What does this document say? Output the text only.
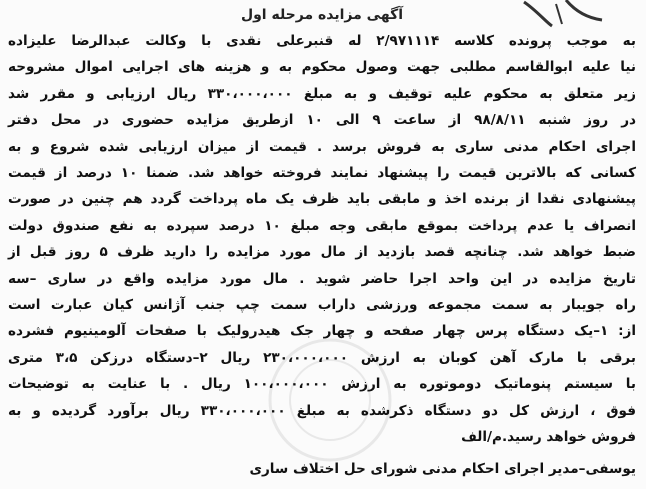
آگهی مزایده مرحله اول

به موجب پرونده کلاسه ۲/۹۷۱۱۱۴ له قنبرعلی نقدی با وکالت عبدالرضا علیزاده

نیا علیه ابوالقاسم مطلبی جهت وصول محکوم به و هزینه های اجرایی اموال مشروحه

زیر متعلق به محکوم علیه توقیف و به مبلغ ۳۳۰،۰۰۰،۰۰۰ ریال ارزیابی و مقرر شد

در روز شنبه ۹۸/۸/۱۱ از ساعت ۹ الی ۱۰ ازطریق مزایده حضوری در محل دفتر

اجرای احکام مدنی ساری به فروش برسد . قیمت از میزان ارزیابی شده شروع و به

کسانی که بالاترین قیمت را پیشنهاد نمایند فروخته خواهد شد. ضمنا ۱۰ درصد از قیمت

پیشنهادی نقدا از برنده اخذ و مابقی باید ظرف یک ماه پرداخت گردد هم چنین در صورت

انصراف یا عدم پرداخت بموقع مابقی وجه مبلغ ۱۰ درصد سپرده به نفع صندوق دولت

ضبط خواهد شد. چنانچه قصد بازدید از مال مورد مزایده را دارید ظرف ۵ روز قبل از

تاریخ مزایده در این واحد اجرا حاضر شوید . مال مورد مزایده واقع در ساری –سه

راه جویبار به سمت مجموعه ورزشی داراب سمت چپ جنب آژانس کیان عبارت است

از: ۱–یک دستگاه پرس چهار صفحه و چهار جک هیدرولیک با صفحات آلومینیوم فشرده

برقی با مارک آهن کوبان به ارزش ۲۳۰،۰۰۰،۰۰۰ ریال ۲–دستگاه درزکن ۳،۵ متری

با سیستم پنوماتیک دوموتوره به ارزش ۱۰۰،۰۰۰،۰۰۰ ریال . با عنایت به توضیحات

فوق ، ارزش کل دو دستگاه ذکرشده به مبلغ ۳۳۰،۰۰۰،۰۰۰ ریال برآورد گردیده و به

فروش خواهد رسید.م/الف

یوسفی–مدیر اجرای احکام مدنی شورای حل اختلاف ساری
